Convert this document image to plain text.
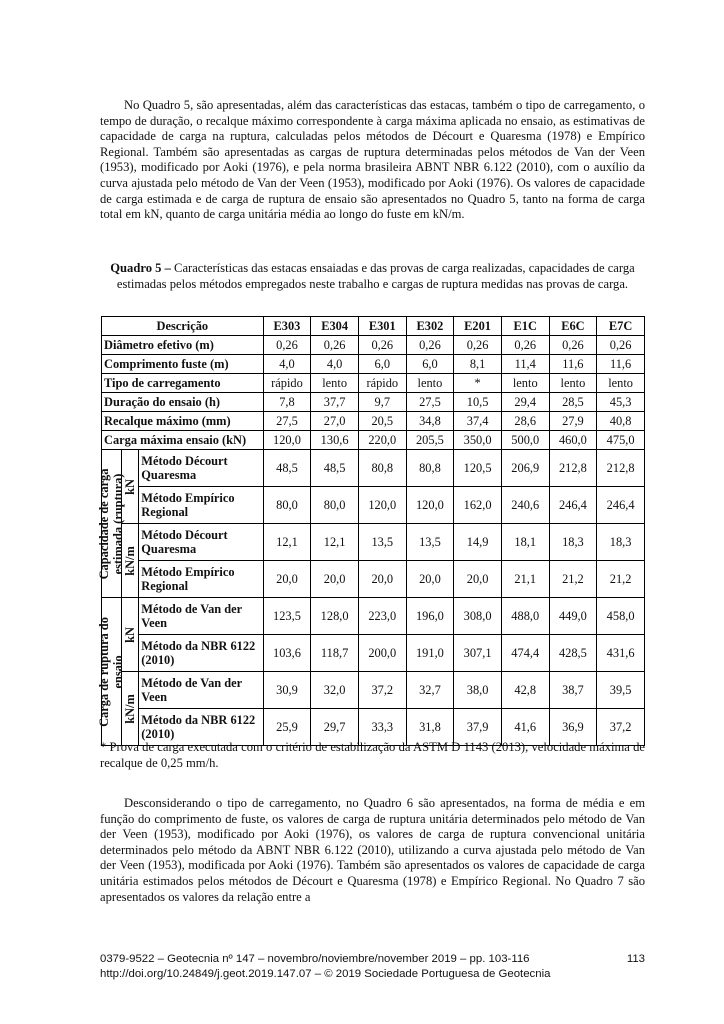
No Quadro 5, são apresentadas, além das características das estacas, também o tipo de carregamento, o tempo de duração, o recalque máximo correspondente à carga máxima aplicada no ensaio, as estimativas de capacidade de carga na ruptura, calculadas pelos métodos de Décourt e Quaresma (1978) e Empírico Regional. Também são apresentadas as cargas de ruptura determinadas pelos métodos de Van der Veen (1953), modificado por Aoki (1976), e pela norma brasileira ABNT NBR 6.122 (2010), com o auxílio da curva ajustada pelo método de Van der Veen (1953), modificado por Aoki (1976). Os valores de capacidade de carga estimada e de carga de ruptura de ensaio são apresentados no Quadro 5, tanto na forma de carga total em kN, quanto de carga unitária média ao longo do fuste em kN/m.

Quadro 5 – Características das estacas ensaiadas e das provas de carga realizadas, capacidades de carga estimadas pelos métodos empregados neste trabalho e cargas de ruptura medidas nas provas de carga.

Descrição			E303	E304	E301	E302	E201	E1C	E6C	E7C
Diâmetro efetivo (m)			0,26	0,26	0,26	0,26	0,26	0,26	0,26	0,26
Comprimento fuste (m)			4,0	4,0	6,0	6,0	8,1	11,4	11,6	11,6
Tipo de carregamento			rápido	lento	rápido	lento	*	lento	lento	lento
Duração do ensaio (h)			7,8	37,7	9,7	27,5	10,5	29,4	28,5	45,3
Recalque máximo (mm)			27,5	27,0	20,5	34,8	37,4	28,6	27,9	40,8
Carga máxima ensaio (kN)			120,0	130,6	220,0	205,5	350,0	500,0	460,0	475,0

Capacidade de carga estimada (ruptura)	kN	Método Décourt Quaresma	48,5	48,5	80,8	80,8	120,5	206,9	212,8	212,8
		Método Empírico Regional	80,0	80,0	120,0	120,0	162,0	240,6	246,4	246,4

	kN/m	Método Décourt Quaresma	12,1	12,1	13,5	13,5	14,9	18,1	18,3	18,3
		Método Empírico Regional	20,0	20,0	20,0	20,0	20,0	21,1	21,2	21,2

Carga de ruptura do ensaio	kN	Método de Van der Veen	123,5	128,0	223,0	196,0	308,0	488,0	449,0	458,0
		Método da NBR 6122 (2010)	103,6	118,7	200,0	191,0	307,1	474,4	428,5	431,6

	kN/m	Método de Van der Veen	30,9	32,0	37,2	32,7	38,0	42,8	38,7	39,5
		Método da NBR 6122 (2010)	25,9	29,7	33,3	31,8	37,9	41,6	36,9	37,2

* Prova de carga executada com o critério de estabilização da ASTM D 1143 (2013), velocidade máxima de recalque de 0,25 mm/h.

Desconsiderando o tipo de carregamento, no Quadro 6 são apresentados, na forma de média e em função do comprimento de fuste, os valores de carga de ruptura unitária determinados pelo método de Van der Veen (1953), modificado por Aoki (1976), os valores de carga de ruptura convencional unitária determinados pelo método da ABNT NBR 6.122 (2010), utilizando a curva ajustada pelo método de Van der Veen (1953), modificada por Aoki (1976). Também são apresentados os valores de capacidade de carga unitária estimados pelos métodos de Décourt e Quaresma (1978) e Empírico Regional. No Quadro 7 são apresentados os valores da relação entre a

0379-9522 – Geotecnia nº 147 – novembro/noviembre/november 2019 – pp. 103-116

http://doi.org/10.24849/j.geot.2019.147.07 – © 2019 Sociedade Portuguesa de Geotecnia

113
